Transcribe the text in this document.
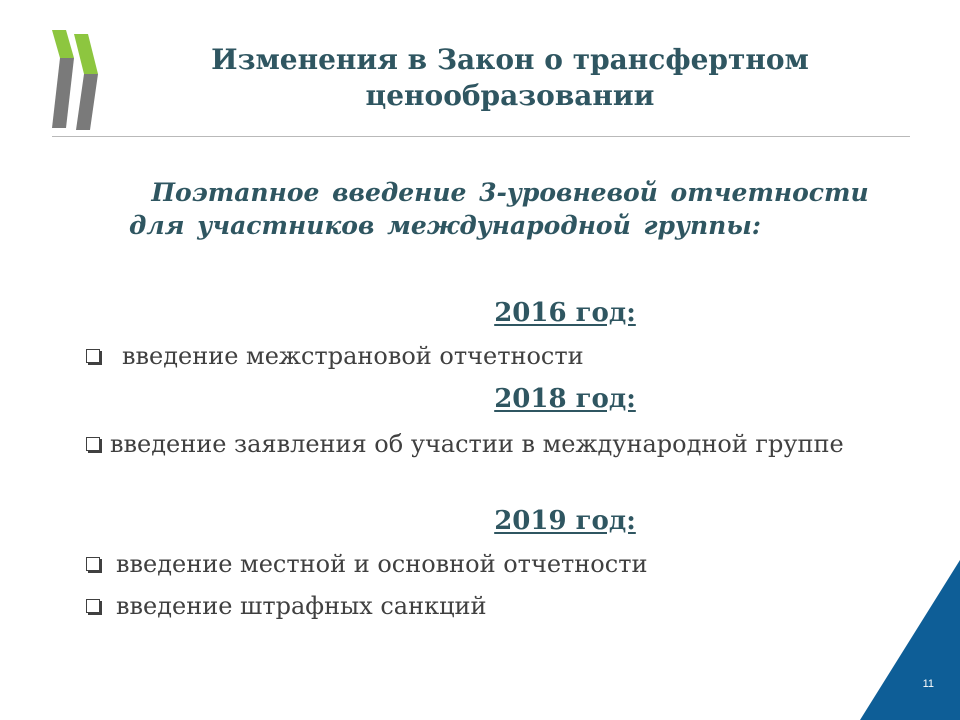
Изменения в Закон о трансфертном
ценообразовании
Поэтапное введение 3-уровневой отчетности
для участников международной группы:
2016 год:
введение межстрановой отчетности
2018 год:
введение заявления об участии в международной группе
2019 год:
введение местной и основной отчетности
введение штрафных санкций
11
